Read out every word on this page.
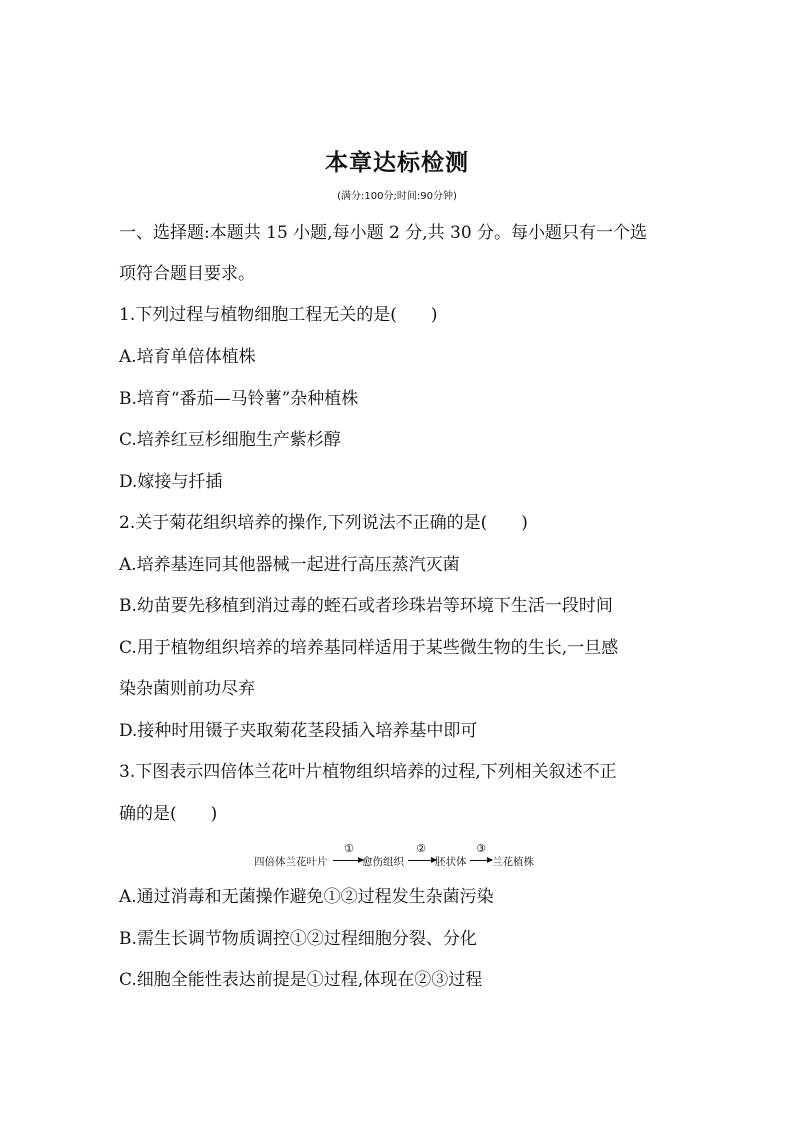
本章达标检测
(满分:100分;时间:90分钟)
一、选择题:本题共 15 小题,每小题 2 分,共 30 分。每小题只有一个选
项符合题目要求。
1.下列过程与植物细胞工程无关的是(　　)
A.培育单倍体植株
B.培育“番茄—马铃薯”杂种植株
C.培养红豆杉细胞生产紫杉醇
D.嫁接与扦插
2.关于菊花组织培养的操作,下列说法不正确的是(　　)
A.培养基连同其他器械一起进行高压蒸汽灭菌
B.幼苗要先移植到消过毒的蛭石或者珍珠岩等环境下生活一段时间
C.用于植物组织培养的培养基同样适用于某些微生物的生长,一旦感
染杂菌则前功尽弃
D.接种时用镊子夹取菊花茎段插入培养基中即可
3.下图表示四倍体兰花叶片植物组织培养的过程,下列相关叙述不正
确的是(　　)
四倍体兰花叶片
①
愈伤组织
②
胚状体
③
兰花植株
A.通过消毒和无菌操作避免①②过程发生杂菌污染
B.需生长调节物质调控①②过程细胞分裂、分化
C.细胞全能性表达前提是①过程,体现在②③过程
